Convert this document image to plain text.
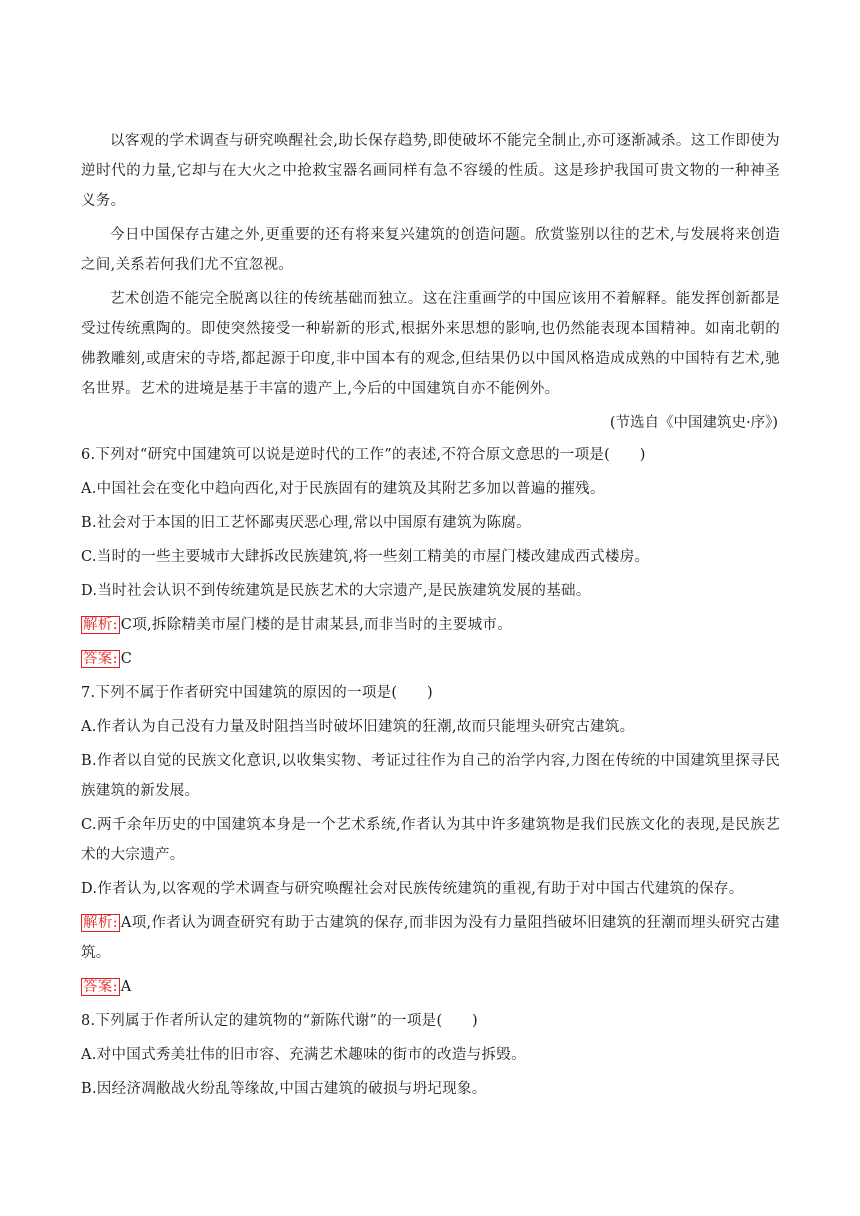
以客观的学术调查与研究唤醒社会,助长保存趋势,即使破坏不能完全制止,亦可逐渐减杀。这工作即使为逆时代的力量,它却与在大火之中抢救宝器名画同样有急不容缓的性质。这是珍护我国可贵文物的一种神圣义务。

今日中国保存古建之外,更重要的还有将来复兴建筑的创造问题。欣赏鉴别以往的艺术,与发展将来创造之间,关系若何我们尤不宜忽视。

艺术创造不能完全脱离以往的传统基础而独立。这在注重画学的中国应该用不着解释。能发挥创新都是受过传统熏陶的。即使突然接受一种崭新的形式,根据外来思想的影响,也仍然能表现本国精神。如南北朝的佛教雕刻,或唐宋的寺塔,都起源于印度,非中国本有的观念,但结果仍以中国风格造成成熟的中国特有艺术,驰名世界。艺术的进境是基于丰富的遗产上,今后的中国建筑自亦不能例外。

(节选自《中国建筑史·序》)

6.下列对“研究中国建筑可以说是逆时代的工作”的表述,不符合原文意思的一项是(　　)

A.中国社会在变化中趋向西化,对于民族固有的建筑及其附艺多加以普遍的摧残。

B.社会对于本国的旧工艺怀鄙夷厌恶心理,常以中国原有建筑为陈腐。

C.当时的一些主要城市大肆拆改民族建筑,将一些刻工精美的市屋门楼改建成西式楼房。

D.当时社会认识不到传统建筑是民族艺术的大宗遗产,是民族建筑发展的基础。

解析: C项,拆除精美市屋门楼的是甘肃某县,而非当时的主要城市。

答案: C

7.下列不属于作者研究中国建筑的原因的一项是(　　)

A.作者认为自己没有力量及时阻挡当时破坏旧建筑的狂潮,故而只能埋头研究古建筑。

B.作者以自觉的民族文化意识,以收集实物、考证过往作为自己的治学内容,力图在传统的中国建筑里探寻民族建筑的新发展。

C.两千余年历史的中国建筑本身是一个艺术系统,作者认为其中许多建筑物是我们民族文化的表现,是民族艺术的大宗遗产。

D.作者认为,以客观的学术调查与研究唤醒社会对民族传统建筑的重视,有助于对中国古代建筑的保存。

解析: A项,作者认为调查研究有助于古建筑的保存,而非因为没有力量阻挡破坏旧建筑的狂潮而埋头研究古建筑。

答案: A

8.下列属于作者所认定的建筑物的“新陈代谢”的一项是(　　)

A.对中国式秀美壮伟的旧市容、充满艺术趣味的街市的改造与拆毁。

B.因经济凋敝战火纷乱等缘故,中国古建筑的破损与坍圮现象。
